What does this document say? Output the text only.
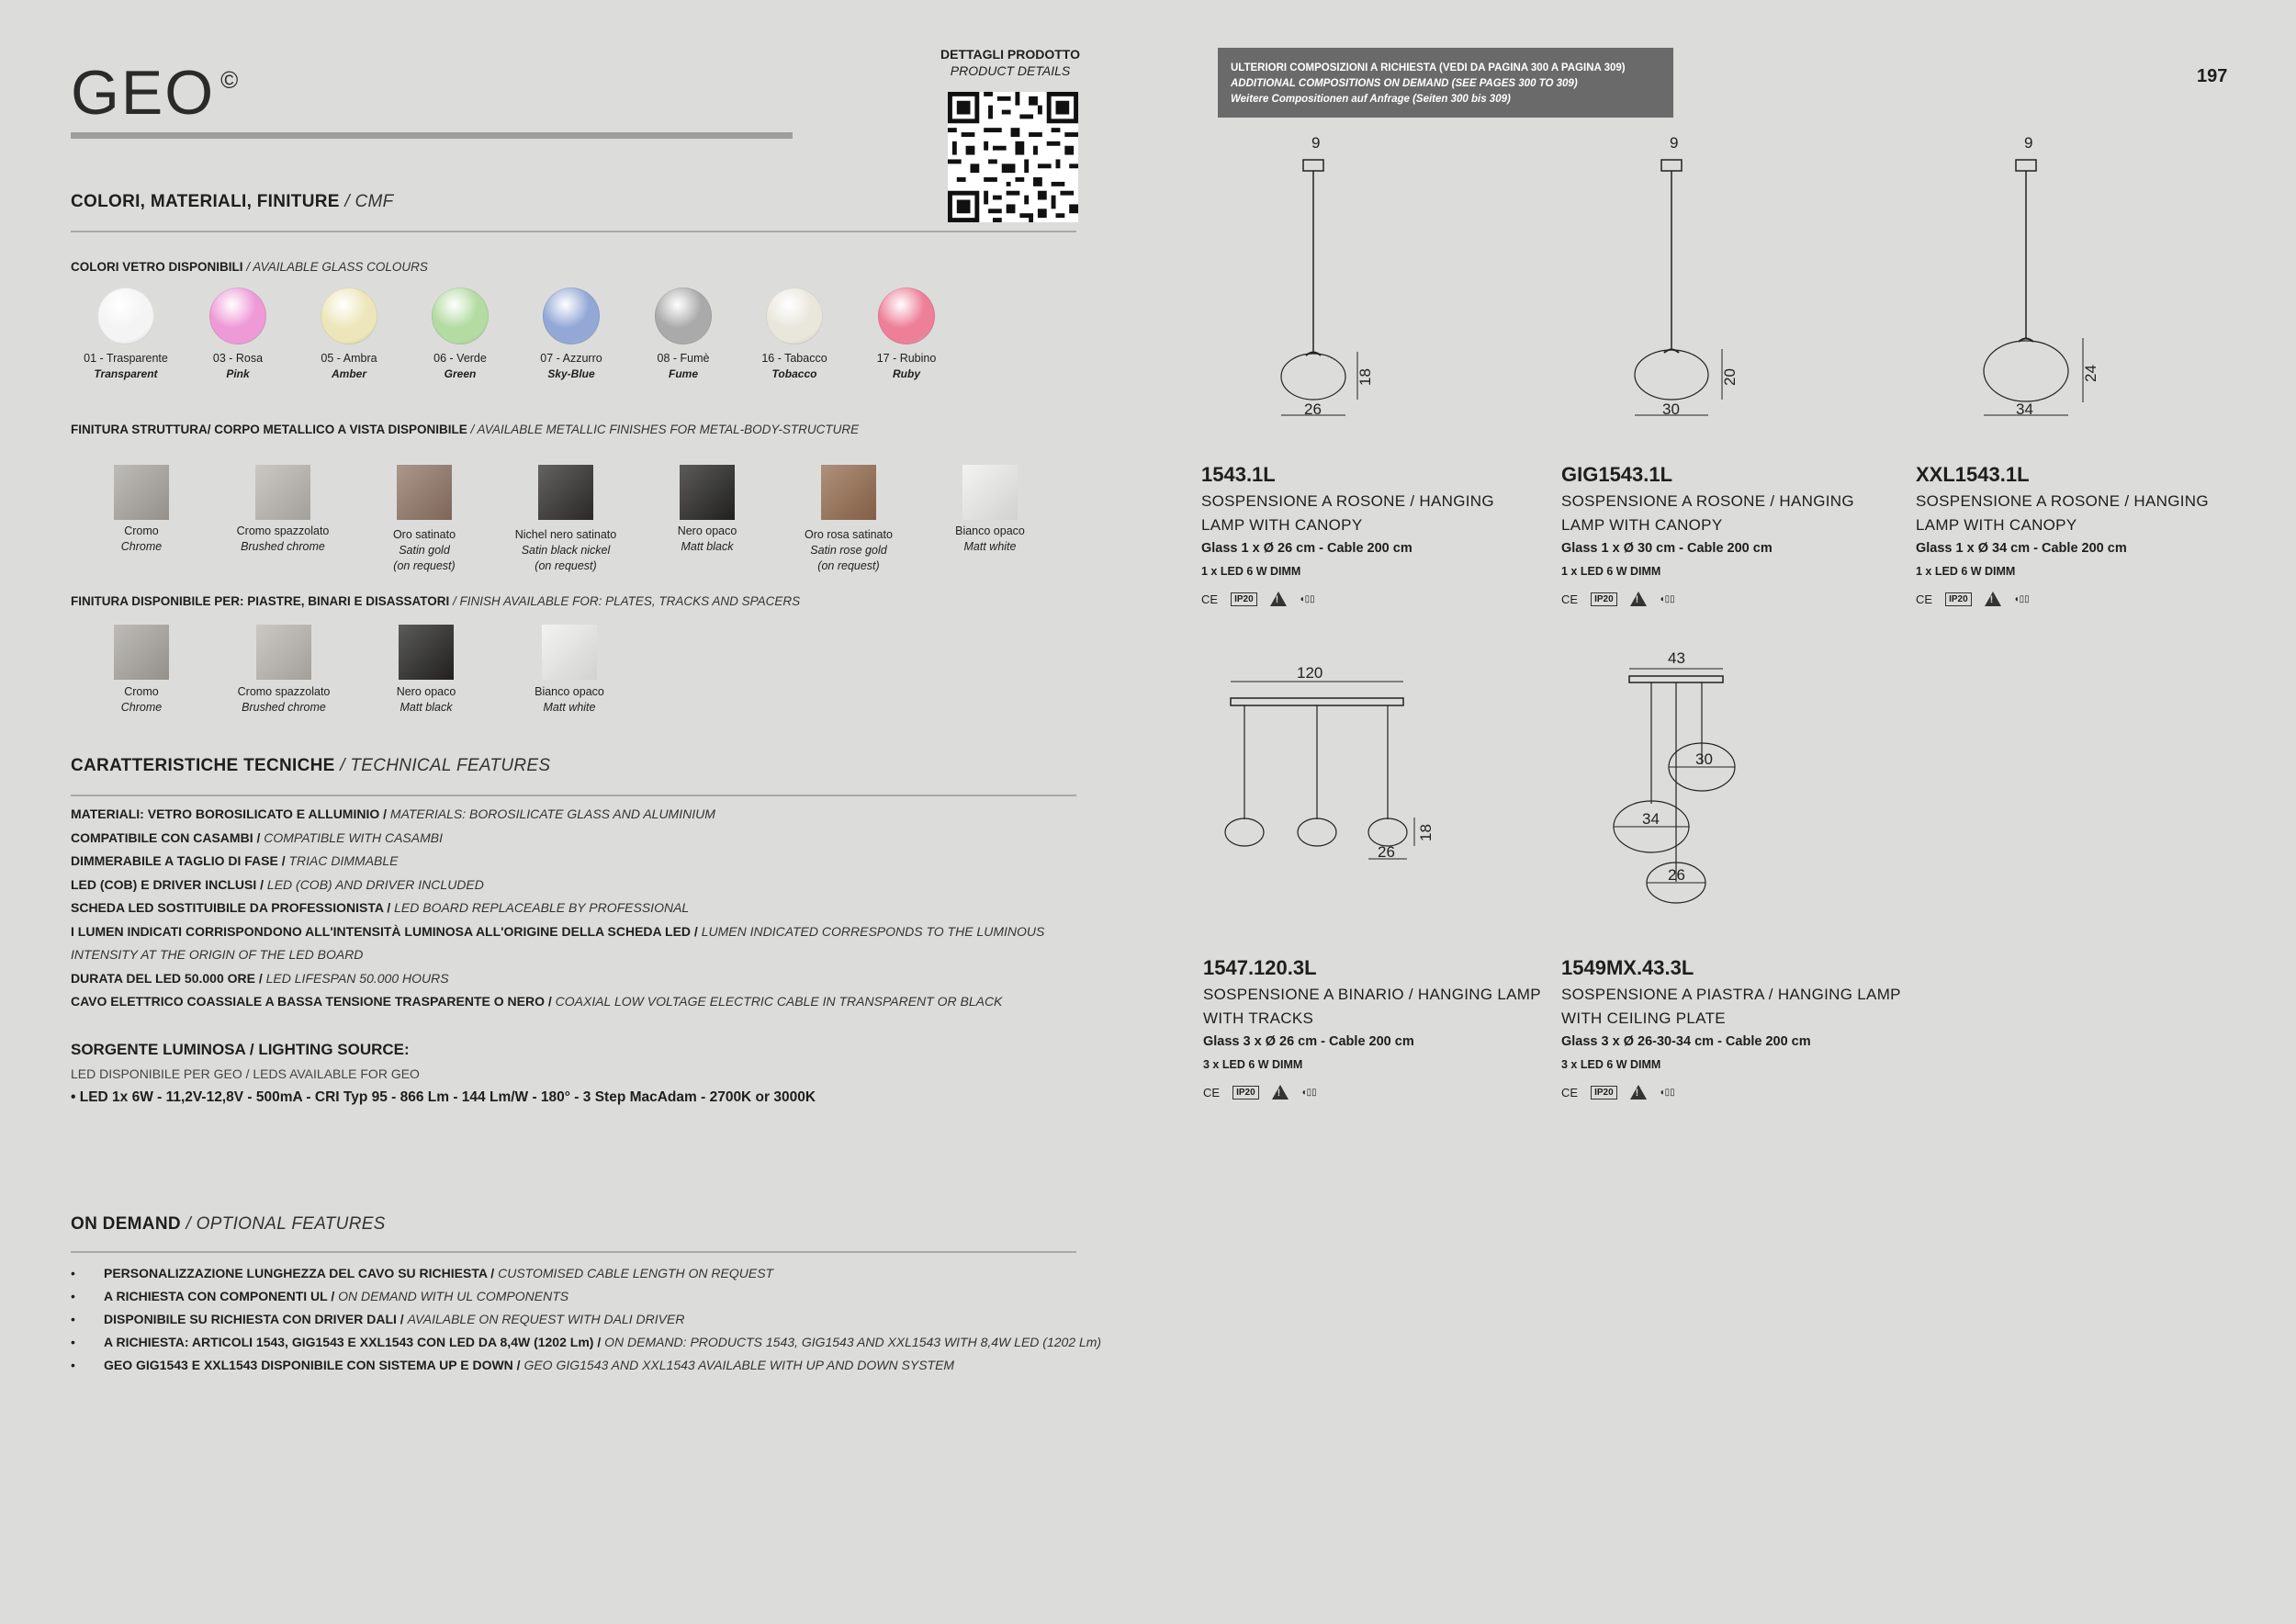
GEO ©
DETTAGLI PRODOTTO
PRODUCT DETAILS
COLORI, MATERIALI, FINITURE / CMF
COLORI VETRO DISPONIBILI / AVAILABLE GLASS COLOURS
01 - Trasparente
Transparent
03 - Rosa
Pink
05 - Ambra
Amber
06 - Verde
Green
07 - Azzurro
Sky-Blue
08 - Fumè
Fume
16 - Tabacco
Tobacco
17 - Rubino
Ruby
FINITURA STRUTTURA/ CORPO METALLICO A VISTA DISPONIBILE / AVAILABLE METALLIC FINISHES FOR METAL-BODY-STRUCTURE
Cromo
Chrome
Cromo spazzolato
Brushed chrome
Oro satinato
Satin gold
(on request)
Nichel nero satinato
Satin black nickel
(on request)
Nero opaco
Matt black
Oro rosa satinato
Satin rose gold
(on request)
Bianco opaco
Matt white
FINITURA DISPONIBILE PER: PIASTRE, BINARI E DISASSATORI / FINISH AVAILABLE FOR: PLATES, TRACKS AND SPACERS
Cromo
Chrome
Cromo spazzolato
Brushed chrome
Nero opaco
Matt black
Bianco opaco
Matt white
CARATTERISTICHE TECNICHE / TECHNICAL FEATURES
MATERIALI: VETRO BOROSILICATO E ALLUMINIO / MATERIALS: BOROSILICATE GLASS AND ALUMINIUM
COMPATIBILE CON CASAMBI / COMPATIBLE WITH CASAMBI
DIMMERABILE A TAGLIO DI FASE / TRIAC DIMMABLE
LED (COB) E DRIVER INCLUSI / LED (COB) AND DRIVER INCLUDED
SCHEDA LED SOSTITUIBILE DA PROFESSIONISTA / LED BOARD REPLACEABLE BY PROFESSIONAL
I LUMEN INDICATI CORRISPONDONO ALL'INTENSITÀ LUMINOSA ALL'ORIGINE DELLA SCHEDA LED / LUMEN INDICATED CORRESPONDS TO THE LUMINOUS
INTENSITY AT THE ORIGIN OF THE LED BOARD
DURATA DEL LED 50.000 ORE / LED LIFESPAN 50.000 HOURS
CAVO ELETTRICO COASSIALE A BASSA TENSIONE TRASPARENTE O NERO / COAXIAL LOW VOLTAGE ELECTRIC CABLE IN TRANSPARENT OR BLACK
SORGENTE LUMINOSA / LIGHTING SOURCE:
LED DISPONIBILE PER GEO / LEDS AVAILABLE FOR GEO
• LED 1x 6W - 11,2V-12,8V - 500mA - CRI Typ 95 - 866 Lm - 144 Lm/W - 180° - 3 Step MacAdam - 2700K or 3000K
ON DEMAND / OPTIONAL FEATURES
• PERSONALIZZAZIONE LUNGHEZZA DEL CAVO SU RICHIESTA / CUSTOMISED CABLE LENGTH ON REQUEST
• A RICHIESTA CON COMPONENTI UL / ON DEMAND WITH UL COMPONENTS
• DISPONIBILE SU RICHIESTA CON DRIVER DALI / AVAILABLE ON REQUEST WITH DALI DRIVER
• A RICHIESTA: ARTICOLI 1543, GIG1543 E XXL1543 CON LED DA 8,4W (1202 Lm) / ON DEMAND: PRODUCTS 1543, GIG1543 AND XXL1543 WITH 8,4W LED (1202 Lm)
• GEO GIG1543 E XXL1543 DISPONIBILE CON SISTEMA UP E DOWN / GEO GIG1543 AND XXL1543 AVAILABLE WITH UP AND DOWN SYSTEM
ULTERIORI COMPOSIZIONI A RICHIESTA (VEDI DA PAGINA 300 A PAGINA 309)
ADDITIONAL COMPOSITIONS ON DEMAND (SEE PAGES 300 TO 309)
Weitere Compositionen auf Anfrage (Seiten 300 bis 309)
197
9
18
26
9
20
30
9
24
34
120
18
26
43
30
34
26
1543.1L
SOSPENSIONE A ROSONE / HANGING
LAMP WITH CANOPY
Glass 1 x Ø 26 cm - Cable 200 cm
1 x LED 6 W DIMM
CE	IP20	! ◖▯▯
GIG1543.1L
SOSPENSIONE A ROSONE / HANGING
LAMP WITH CANOPY
Glass 1 x Ø 30 cm - Cable 200 cm
1 x LED 6 W DIMM
CE	IP20	! ◖▯▯
XXL1543.1L
SOSPENSIONE A ROSONE / HANGING
LAMP WITH CANOPY
Glass 1 x Ø 34 cm - Cable 200 cm
1 x LED 6 W DIMM
CE	IP20	! ◖▯▯
1547.120.3L
SOSPENSIONE A BINARIO / HANGING LAMP
WITH TRACKS
Glass 3 x Ø 26 cm - Cable 200 cm
3 x LED 6 W DIMM
CE	IP20	! ◖▯▯
1549MX.43.3L
SOSPENSIONE A PIASTRA / HANGING LAMP
WITH CEILING PLATE
Glass 3 x Ø 26-30-34 cm - Cable 200 cm
3 x LED 6 W DIMM
CE	IP20	! ◖▯▯
